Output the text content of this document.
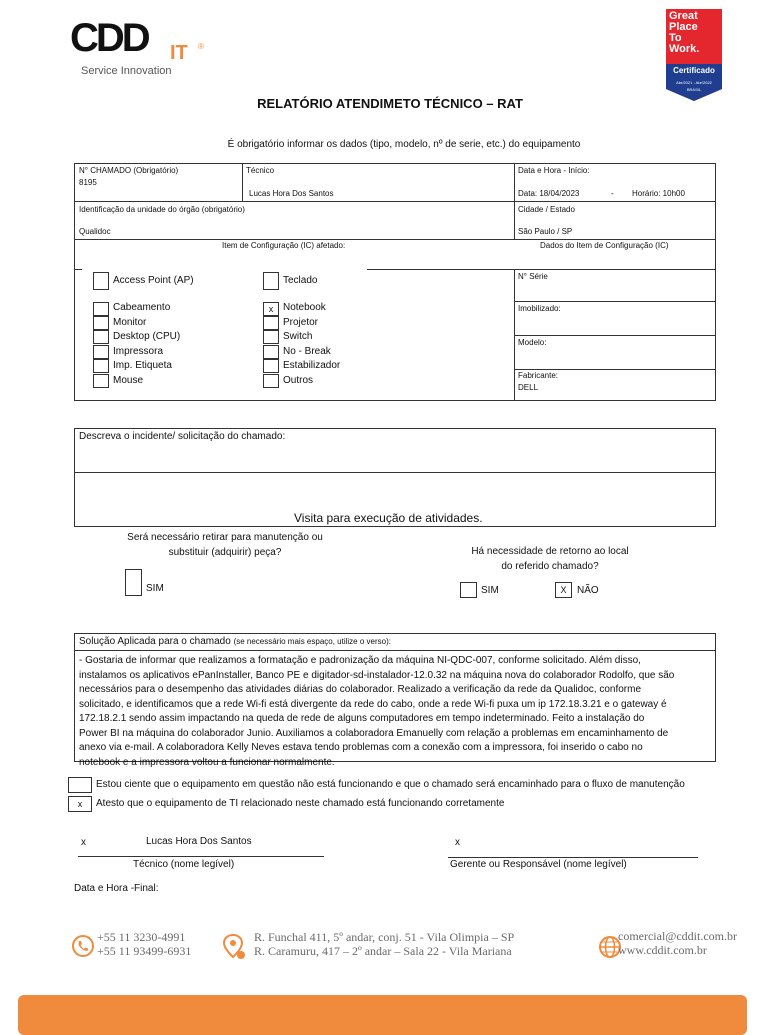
CDD IT ®
Service Innovation
Great
Place
To
Work.
Certificado
Abr/2021 - Abr/2022
BRASIL
RELATÓRIO ATENDIMETO TÉCNICO – RAT
É obrigatório informar os dados (tipo, modelo, nº de serie, etc.) do equipamento
N° CHAMADO (Obrigatório)
8195
Técnico
Lucas Hora Dos Santos
Data e Hora - Início:
Data: 18/04/2023	- Horário: 10h00
Identificação da unidade do órgão (obrigatório)
Qualidoc
Cidade / Estado
São Paulo / SP
Item de Configuração (IC) afetado:	Dados do Item de Configuração (IC)
Access Point (AP)
Cabeamento
Monitor
Desktop (CPU)
Impressora
Imp. Etiqueta
Mouse
Teclado
x Notebook
Projetor
Switch
No - Break
Estabilizador
Outros
N° Série
Imobilizado:
Modelo:
Fabricante:
DELL
Descreva o incidente/ solicitação do chamado:
Visita para execução de atividades.
Será necessário retirar para manutenção ou
substituir (adquirir) peça?
SIM
Há necessidade de retorno ao local
do referido chamado?
SIM	X	NÃO
Solução Aplicada para o chamado (se necessário mais espaço, utilize o verso):
- Gostaria de informar que realizamos a formatação e padronização da máquina NI-QDC-007, conforme solicitado. Além disso,
instalamos os aplicativos ePanInstaller, Banco PE e digitador-sd-instalador-12.0.32 na máquina nova do colaborador Rodolfo, que são
necessários para o desempenho das atividades diárias do colaborador. Realizado a verificação da rede da Qualidoc, conforme
solicitado, e identificamos que a rede Wi-fi está divergente da rede do cabo, onde a rede Wi-fi puxa um ip 172.18.3.21 e o gateway é
172.18.2.1 sendo assim impactando na queda de rede de alguns computadores em tempo indeterminado. Feito a instalação do
Power BI na máquina do colaborador Junio. Auxiliamos a colaboradora Emanuelly com relação a problemas em encaminhamento de
anexo via e-mail. A colaboradora Kelly Neves estava tendo problemas com a conexão com a impressora, foi inserido o cabo no
notebook e a impressora voltou a funcionar normalmente.
Estou ciente que o equipamento em questão não está funcionando e que o chamado será encaminhado para o fluxo de manutenção
x	Atesto que o equipamento de TI relacionado neste chamado está funcionando corretamente
x	Lucas Hora Dos Santos
Técnico (nome legível)
x
Gerente ou Responsável (nome legível)
Data e Hora -Final:
+55 11 3230-4991
+55 11 93499-6931
R. Funchal 411, 5º andar, conj. 51 - Vila Olimpia – SP
R. Caramuru, 417 – 2º andar – Sala 22 - Vila Mariana
comercial@cddit.com.br
www.cddit.com.br
